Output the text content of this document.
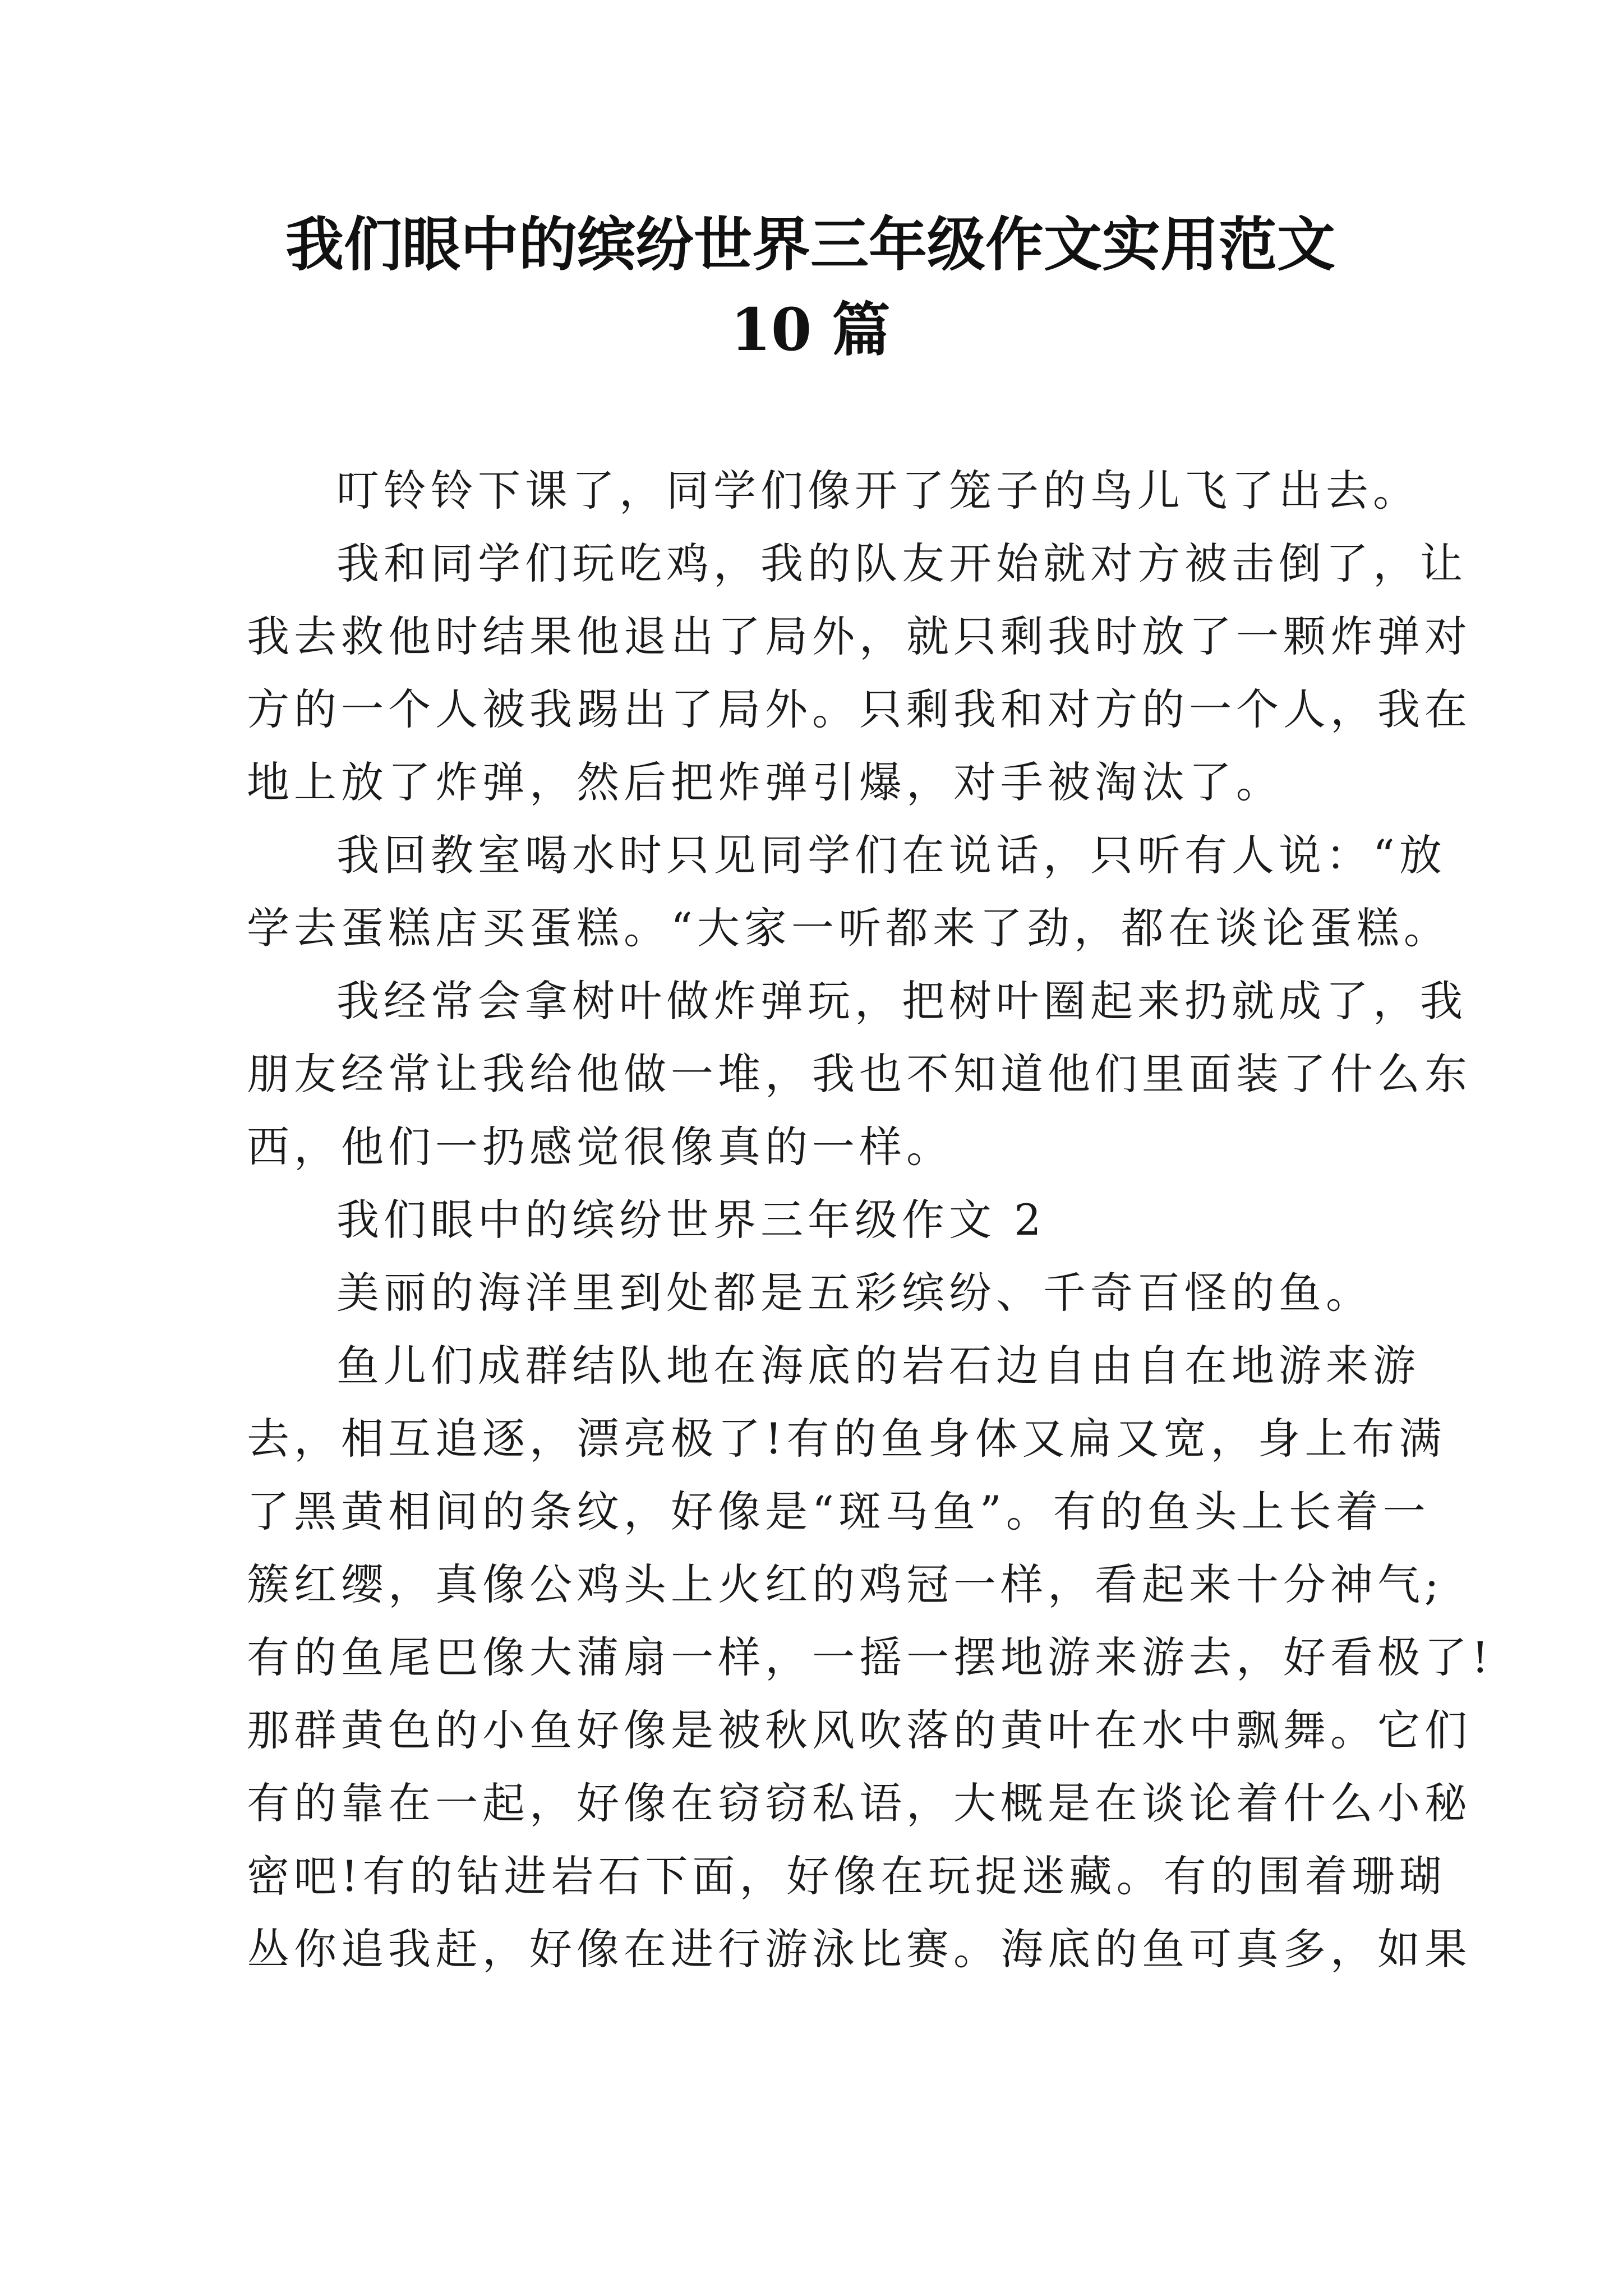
我们眼中的缤纷世界三年级作文实用范文
10 篇
叮铃铃下课了，同学们像开了笼子的鸟儿飞了出去。
我和同学们玩吃鸡，我的队友开始就对方被击倒了，让
我去救他时结果他退出了局外，就只剩我时放了一颗炸弹对
方的一个人被我踢出了局外。只剩我和对方的一个人，我在
地上放了炸弹，然后把炸弹引爆，对手被淘汰了。
我回教室喝水时只见同学们在说话，只听有人说：“放
学去蛋糕店买蛋糕。“大家一听都来了劲，都在谈论蛋糕。
我经常会拿树叶做炸弹玩，把树叶圈起来扔就成了，我
朋友经常让我给他做一堆，我也不知道他们里面装了什么东
西，他们一扔感觉很像真的一样。
我们眼中的缤纷世界三年级作文 2
美丽的海洋里到处都是五彩缤纷、千奇百怪的鱼。
鱼儿们成群结队地在海底的岩石边自由自在地游来游
去，相互追逐，漂亮极了!有的鱼身体又扁又宽，身上布满
了黑黄相间的条纹，好像是“斑马鱼”。有的鱼头上长着一
簇红缨，真像公鸡头上火红的鸡冠一样，看起来十分神气;
有的鱼尾巴像大蒲扇一样，一摇一摆地游来游去，好看极了!
那群黄色的小鱼好像是被秋风吹落的黄叶在水中飘舞。它们
有的靠在一起，好像在窃窃私语，大概是在谈论着什么小秘
密吧!有的钻进岩石下面，好像在玩捉迷藏。有的围着珊瑚
丛你追我赶，好像在进行游泳比赛。海底的鱼可真多，如果
